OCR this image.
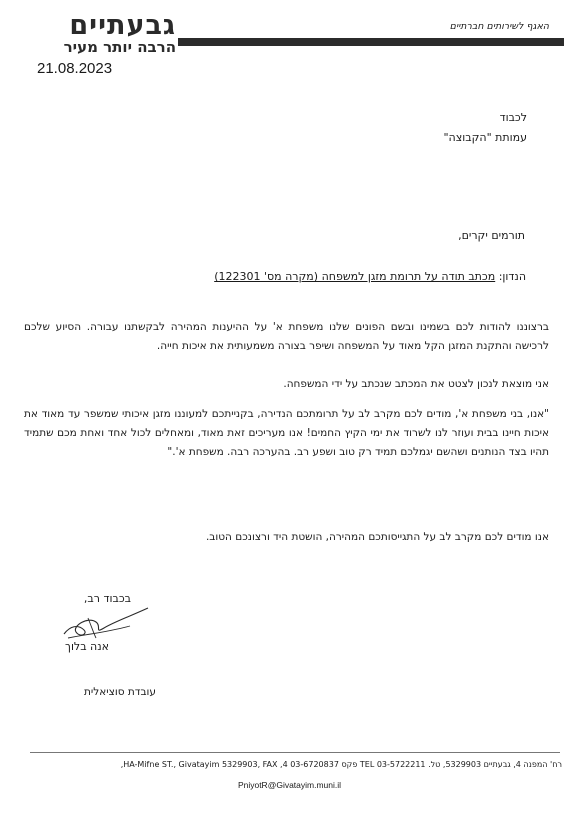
גבעתיים
הרבה יותר מעיר
האגף לשירותים חברתיים
21.08.2023
לכבוד
עמותת "הקבוצה"
תורמים יקרים,
הנדון: מכתב תודה על תרומת מזגן למשפחה (מקרה מס' 122301)
ברצוננו להודות לכם בשמינו ובשם הפונים שלנו משפחת א' על ההיענות המהירה לבקשתנו עבורה. הסיוע שלכם לרכישה והתקנת המזגן הקל מאוד על המשפחה ושיפר בצורה משמעותית את איכות חייה.
אני מוצאת לנכון לצטט את המכתב שנכתב על ידי המשפחה.
"אנו, בני משפחת א', מודים לכם מקרב לב על תרומתכם הנדירה, בקנייתכם למעוננו מזגן איכותי שמשפר עד מאוד את איכות חיינו בבית ועוזר לנו לשרוד את ימי הקיץ החמים! אנו מעריכים זאת מאוד, ומאחלים לכול אחד ואחת מכם שתמיד תהיו בצד הנותנים ושהשם יגמלכם תמיד רק טוב ושפע רב. בהערכה רבה. משפחת א'."
אנו מודים לכם מקרב לב על התגייסותכם המהירה, הושטת היד ורצונכם הטוב.
בכבוד רב,
אנה בלוך
עובדת סוציאלית
רח' המפנה 4, גבעתיים 5329903, טל. 03-5722211 TEL פקס 03-6720837 4, HA-Mifne ST., Givatayim 5329903, FAX,
PniyotR@Givatayim.muni.il
